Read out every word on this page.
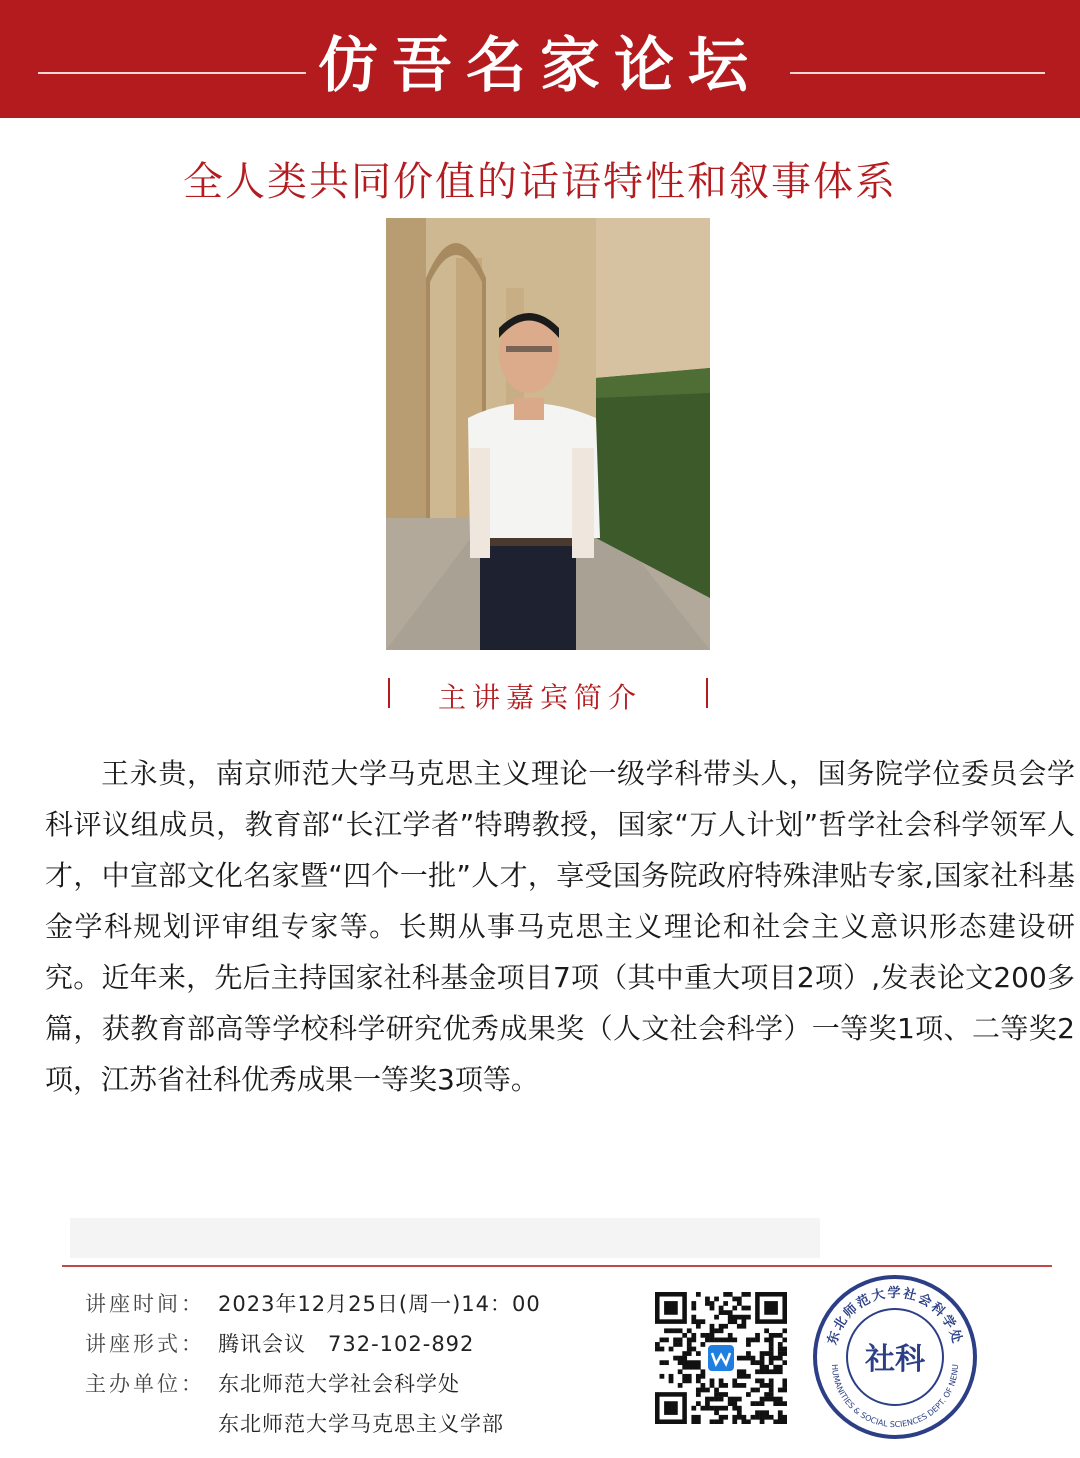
仿吾名家论坛
全人类共同价值的话语特性和叙事体系
主讲嘉宾简介

王永贵，南京师范大学马克思主义理论一级学科带头人，国务院学位委员会学科评议组成员，教育部“长江学者”特聘教授，国家“万人计划”哲学社会科学领军人才，中宣部文化名家暨“四个一批”人才，享受国务院政府特殊津贴专家,国家社科基金学科规划评审组专家等。长期从事马克思主义理论和社会主义意识形态建设研究。近年来，先后主持国家社科基金项目7项（其中重大项目2项）,发表论文200多篇，获教育部高等学校科学研究优秀成果奖（人文社会科学）一等奖1项、二等奖2项，江苏省社科优秀成果一等奖3项等。

讲座时间： 2023年12月25日(周一)14：00
讲座形式： 腾讯会议　732-102-892
主办单位： 东北师范大学社会科学处
东北师范大学马克思主义学部
东北师范大学社会科学处
HUMANITIES & SOCIAL SCIENCES DEPT. OF NENU
社科
